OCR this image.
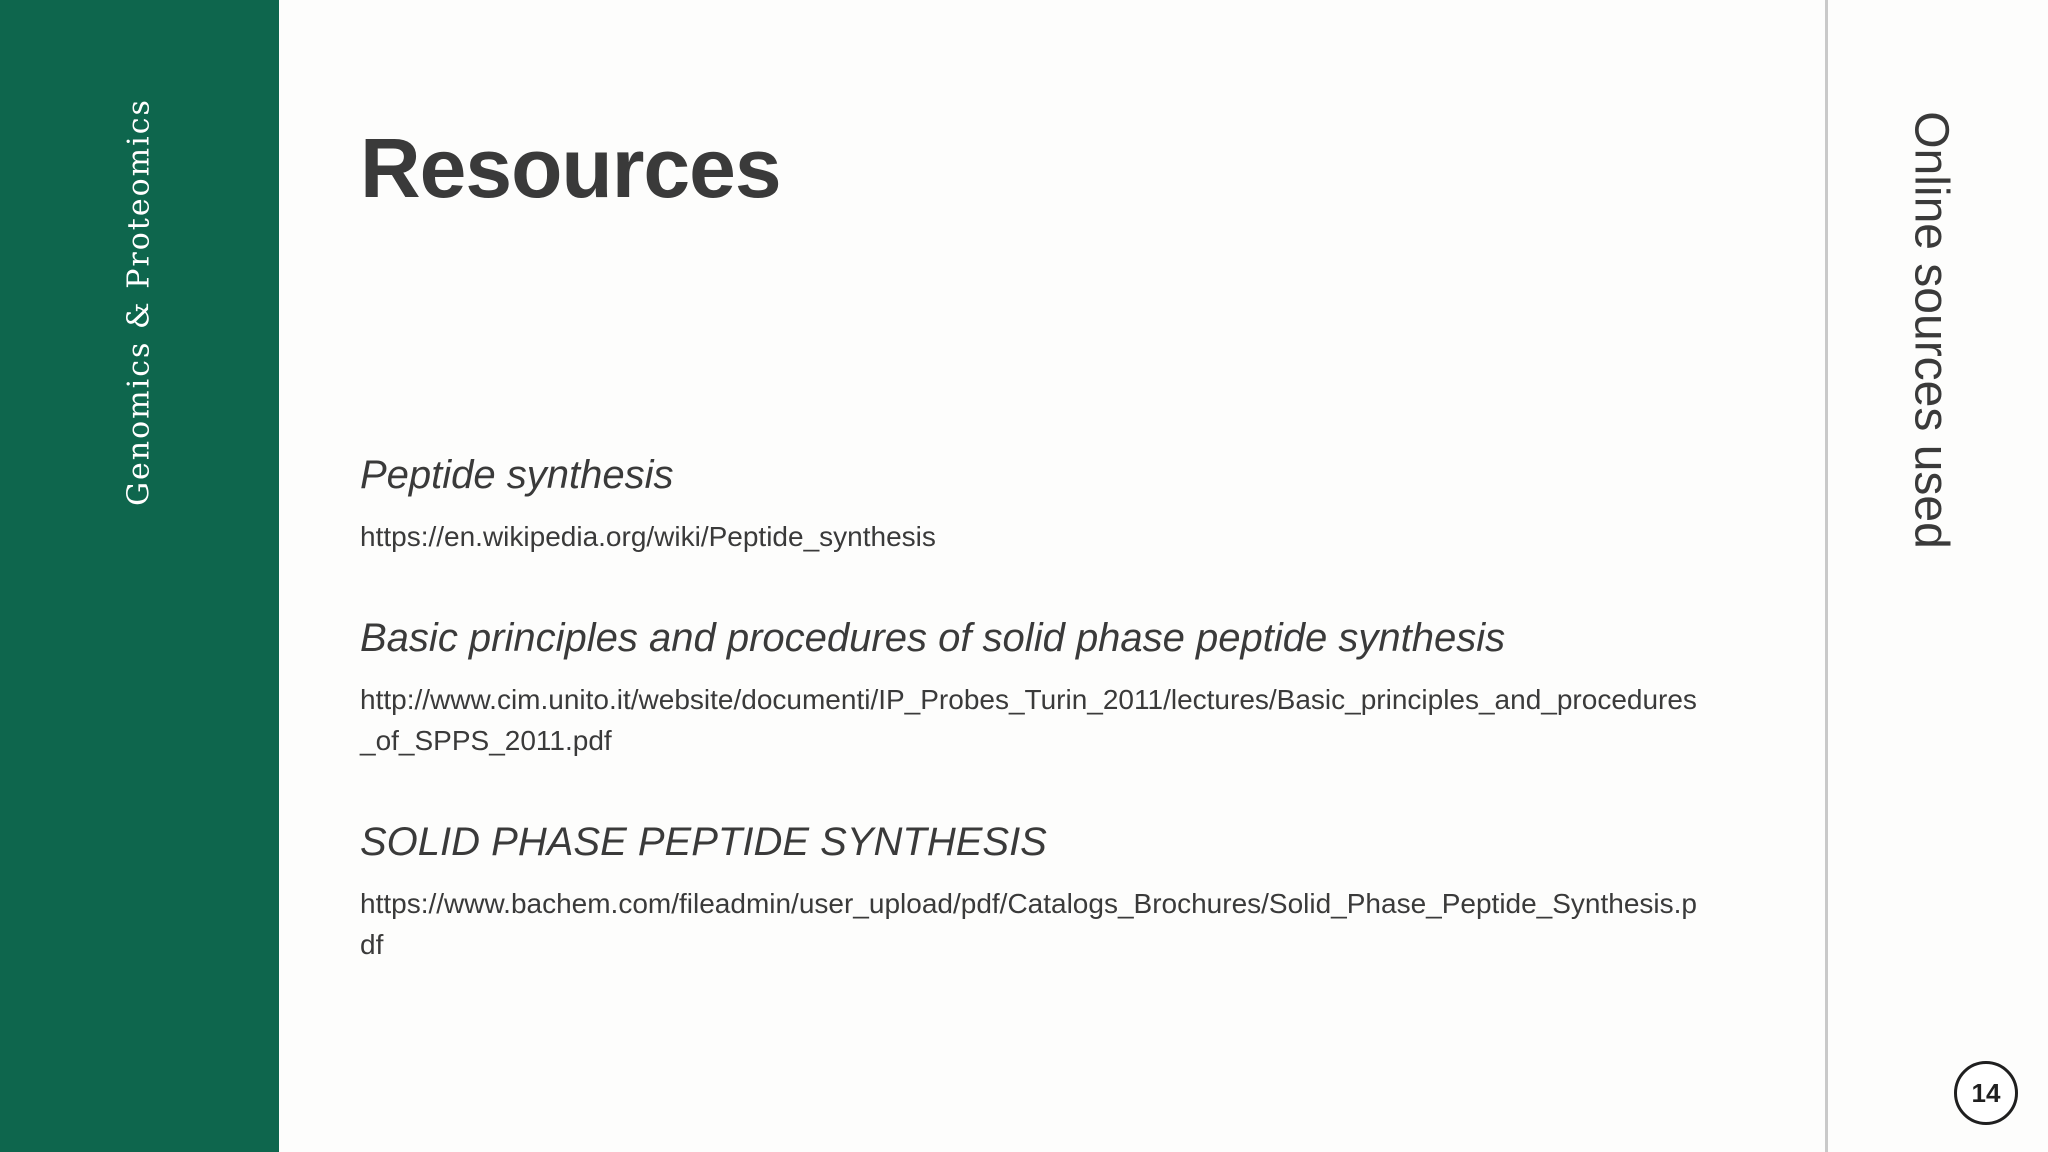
Genomics & Proteomics Resources
Peptide synthesis
https://en.wikipedia.org/wiki/Peptide_synthesis
Basic principles and procedures of solid phase peptide synthesis
http://www.cim.unito.it/website/documenti/IP_Probes_Turin_2011/lectures/Basic_principles_and_procedures_of_SPPS_2011.pdf
SOLID PHASE PEPTIDE SYNTHESIS
https://www.bachem.com/fileadmin/user_upload/pdf/Catalogs_Brochures/Solid_Phase_Peptide_Synthesis.pdf
Online sources used
14
